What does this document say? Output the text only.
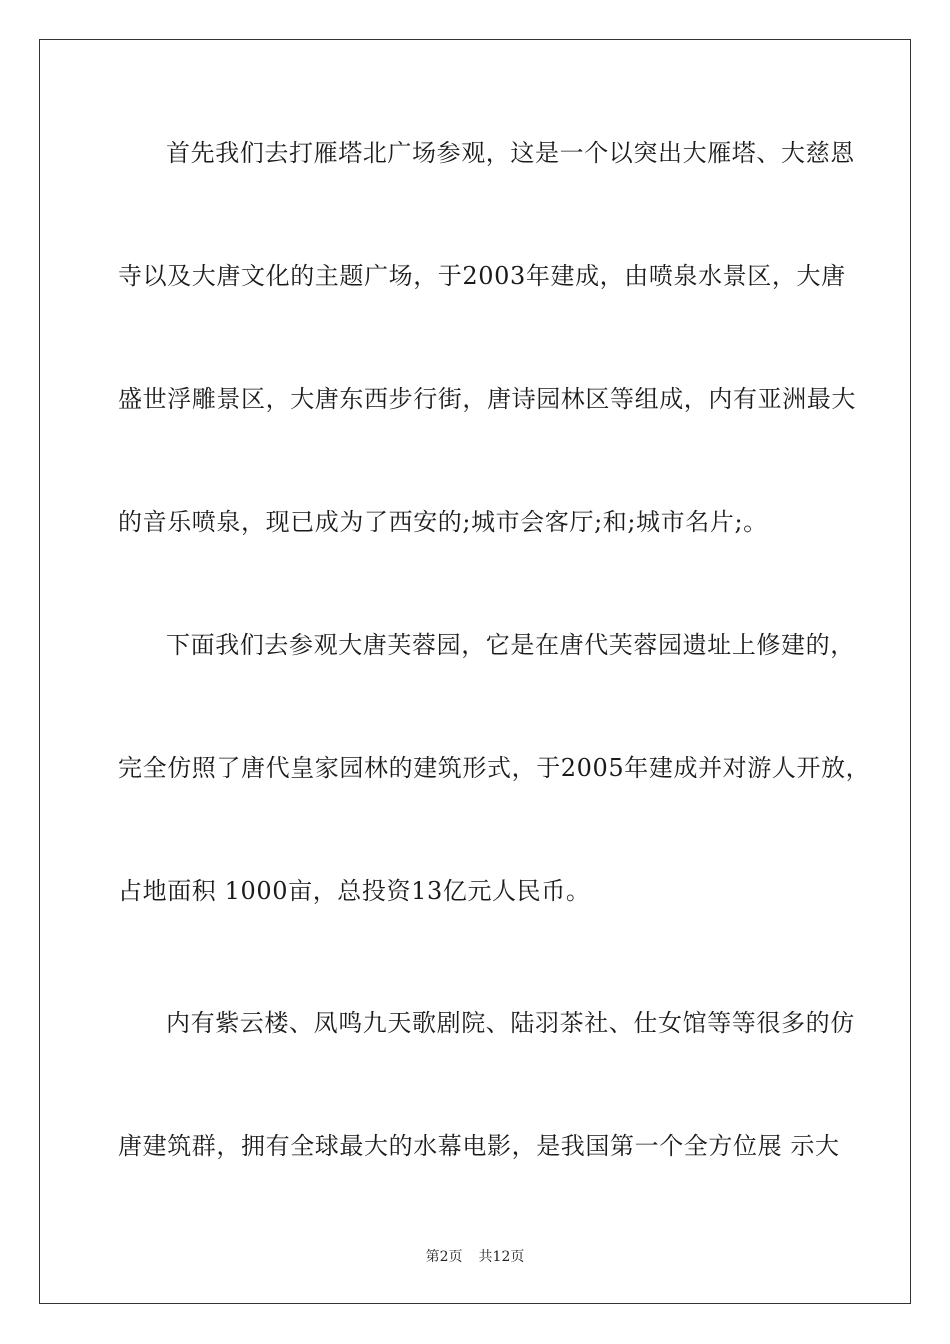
首先我们去打雁塔北广场参观，这是一个以突出大雁塔、大慈恩
寺以及大唐文化的主题广场，于2003年建成，由喷泉水景区，大唐
盛世浮雕景区，大唐东西步行街，唐诗园林区等组成，内有亚洲最大
的音乐喷泉，现已成为了西安的;城市会客厅;和;城市名片;。
下面我们去参观大唐芙蓉园，它是在唐代芙蓉园遗址上修建的，
完全仿照了唐代皇家园林的建筑形式，于2005年建成并对游人开放，
占地面积 1000亩，总投资13亿元人民币。
内有紫云楼、凤鸣九天歌剧院、陆羽茶社、仕女馆等等很多的仿
唐建筑群，拥有全球最大的水幕电影，是我国第一个全方位展 示大
第2页 共12页
